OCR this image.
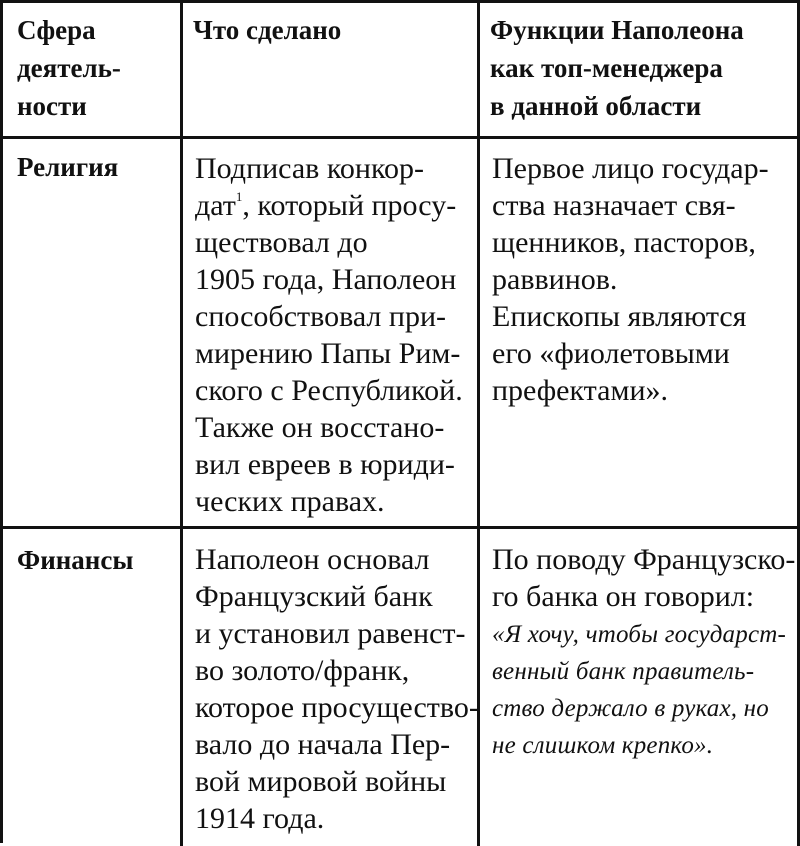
Сфера
деятель-
ности
Что сделано	Функции Наполеона
как топ-менеджера
в данной области
Религия	Подписав конкор-
дат$^1$, который просу-
ществовал до
1905 года, Наполеон
способствовал при-
мирению Папы Рим-
ского с Республикой.
Также он восстано-
вил евреев в юриди-
ческих правах.
Первое лицо государ-
ства назначает свя-
щенников, пасторов,
раввинов.
Епископы являются
его «фиолетовыми
префектами».
Финансы Наполеон основал
Французский банк
и установил равенст-
во золото/франк,
которое просущество-
вало до начала Пер-
вой мировой войны
1914 года.
По поводу Французско-
го банка он говорил:
«Я хочу, чтобы государст-
венный банк правитель-
ство держало в руках, но
не слишком крепко».
